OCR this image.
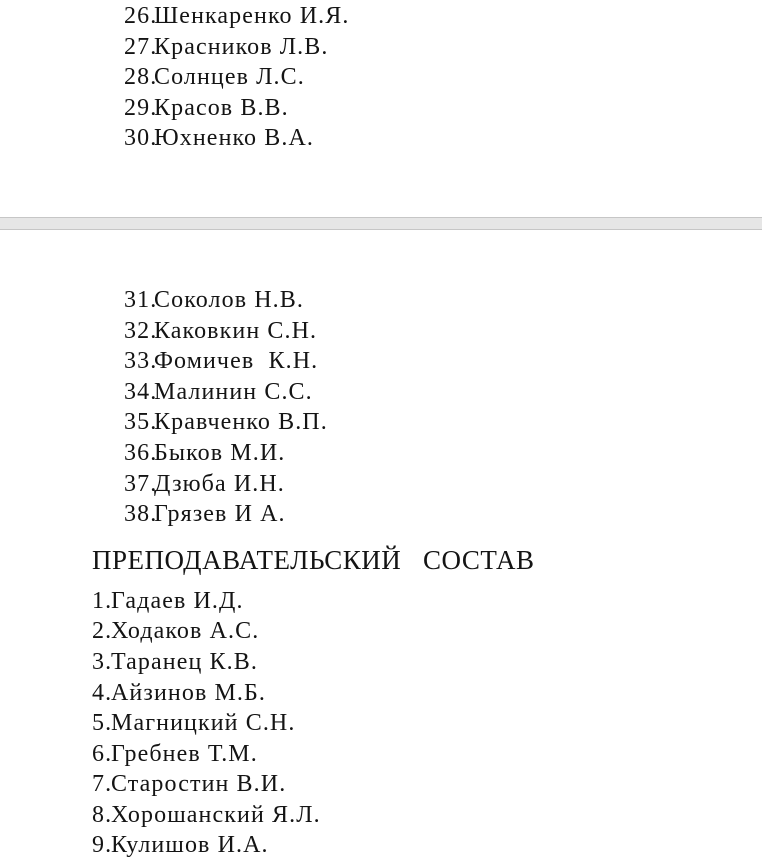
26.
Шенкаренко И.Я.
27.
Красников Л.В.
28.
Солнцев Л.С.
29.
Красов В.В.
30.
Юхненко В.А.
31.
Соколов Н.В.
32.
Каковкин С.Н.
33.
Фомичев  К.Н.
34.
Малинин С.С.
35.
Кравченко В.П.
36.
Быков М.И.
37.
Дзюба И.Н.
38.
Грязев И А.
ПРЕПОДАВАТЕЛЬСКИЙ   СОСТАВ
1.
Гадаев И.Д.
2.
Ходаков А.С.
3.
Таранец К.В.
4.
Айзинов М.Б.
5.
Магницкий С.Н.
6.
Гребнев Т.М.
7.
Старостин В.И.
8.
Хорошанский Я.Л.
9.
Кулишов И.А.
